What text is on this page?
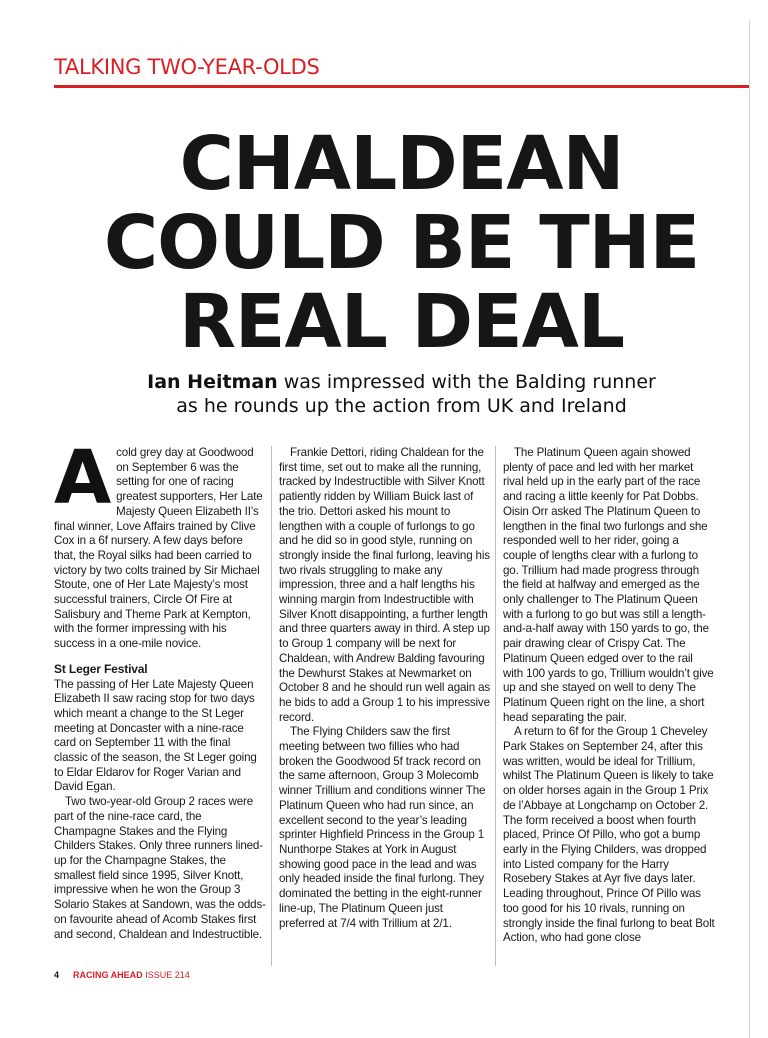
TALKING TWO-YEAR-OLDS
CHALDEAN
COULD BE THE
REAL DEAL
Ian Heitman was impressed with the Balding runner
as he rounds up the action from UK and Ireland

Acold grey day at Goodwood on September 6 was the setting for one of racing greatest supporters, Her Late Majesty Queen Elizabeth II’s final winner, Love Affairs trained by Clive Cox in a 6f nursery. A few days before that, the Royal silks had been carried to victory by two colts trained by Sir Michael Stoute, one of Her Late Majesty’s most successful trainers, Circle Of Fire at Salisbury and Theme Park at Kempton, with the former impressing with his success in a one-mile novice.

St Leger Festival

The passing of Her Late Majesty Queen Elizabeth II saw racing stop for two days which meant a change to the St Leger meeting at Doncaster with a nine-race card on September 11 with the final classic of the season, the St Leger going to Eldar Eldarov for Roger Varian and David Egan.

Two two-year-old Group 2 races were part of the nine-race card, the Champagne Stakes and the Flying Childers Stakes. Only three runners lined-up for the Champagne Stakes, the smallest field since 1995, Silver Knott, impressive when he won the Group 3 Solario Stakes at Sandown, was the odds-on favourite ahead of Acomb Stakes first and second, Chaldean and Indestructible.

Frankie Dettori, riding Chaldean for the first time, set out to make all the running, tracked by Indestructible with Silver Knott patiently ridden by William Buick last of the trio. Dettori asked his mount to lengthen with a couple of furlongs to go and he did so in good style, running on strongly inside the final furlong, leaving his two rivals struggling to make any impression, three and a half lengths his winning margin from Indestructible with Silver Knott disappointing, a further length and three quarters away in third. A step up to Group 1 company will be next for Chaldean, with Andrew Balding favouring the Dewhurst Stakes at Newmarket on October 8 and he should run well again as he bids to add a Group 1 to his impressive record.

The Flying Childers saw the first meeting between two fillies who had broken the Goodwood 5f track record on the same afternoon, Group 3 Molecomb winner Trillium and conditions winner The Platinum Queen who had run since, an excellent second to the year’s leading sprinter Highfield Princess in the Group 1 Nunthorpe Stakes at York in August showing good pace in the lead and was only headed inside the final furlong. They dominated the betting in the eight-runner line-up, The Platinum Queen just preferred at 7/4 with Trillium at 2/1.

The Platinum Queen again showed plenty of pace and led with her market rival held up in the early part of the race and racing a little keenly for Pat Dobbs. Oisin Orr asked The Platinum Queen to lengthen in the final two furlongs and she responded well to her rider, going a couple of lengths clear with a furlong to go. Trillium had made progress through the field at halfway and emerged as the only challenger to The Platinum Queen with a furlong to go but was still a length-and-a-half away with 150 yards to go, the pair drawing clear of Crispy Cat. The Platinum Queen edged over to the rail with 100 yards to go, Trillium wouldn’t give up and she stayed on well to deny The Platinum Queen right on the line, a short head separating the pair.

A return to 6f for the Group 1 Cheveley Park Stakes on September 24, after this was written, would be ideal for Trillium, whilst The Platinum Queen is likely to take on older horses again in the Group 1 Prix de l’Abbaye at Longchamp on October 2. The form received a boost when fourth placed, Prince Of Pillo, who got a bump early in the Flying Childers, was dropped into Listed company for the Harry Rosebery Stakes at Ayr five days later. Leading throughout, Prince Of Pillo was too good for his 10 rivals, running on strongly inside the final furlong to beat Bolt Action, who had gone close

4 RACING AHEAD ISSUE 214
